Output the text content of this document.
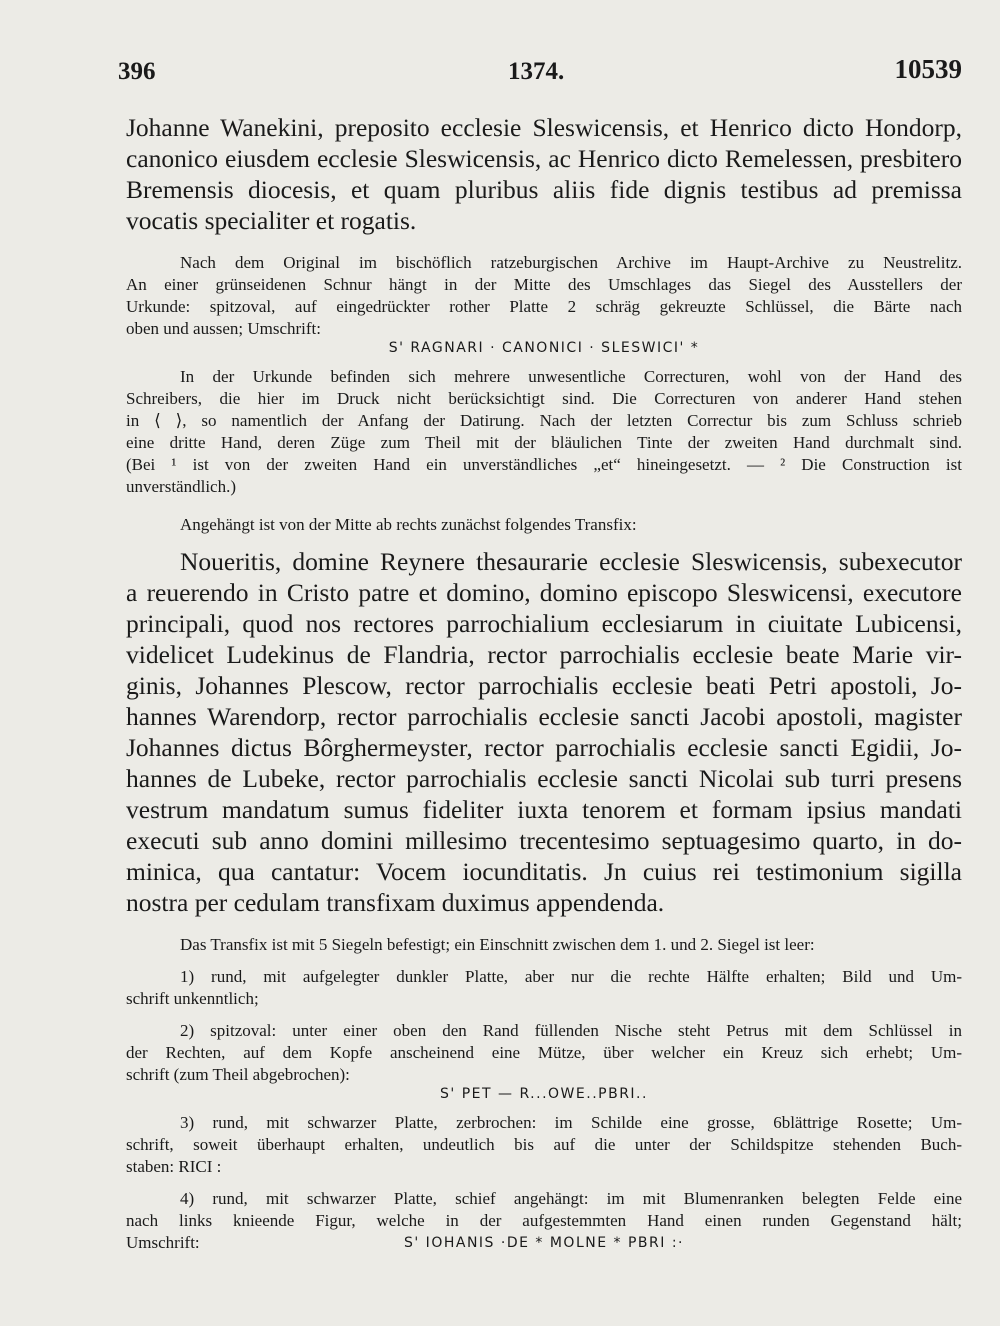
396	1374.	10539

Johanne Wanekini, preposito ecclesie Sleswicensis, et Henrico dicto Hondorp,
canonico eiusdem ecclesie Sleswicensis, ac Henrico dicto Remelessen, presbitero
Bremensis diocesis, et quam pluribus aliis fide dignis testibus ad premissa
vocatis specialiter et rogatis.

Nach dem Original im bischöflich ratzeburgischen Archive im Haupt-Archive zu Neustrelitz.
An einer grünseidenen Schnur hängt in der Mitte des Umschlages das Siegel des Ausstellers der
Urkunde: spitzoval, auf eingedrückter rother Platte 2 schräg gekreuzte Schlüssel, die Bärte nach
oben und aussen; Umschrift:

S' RAGNARI · CANONICI · SLESWICI' *

In der Urkunde befinden sich mehrere unwesentliche Correcturen, wohl von der Hand des
Schreibers, die hier im Druck nicht berücksichtigt sind. Die Correcturen von anderer Hand stehen
in ⟨ ⟩, so namentlich der Anfang der Datirung. Nach der letzten Correctur bis zum Schluss schrieb
eine dritte Hand, deren Züge zum Theil mit der bläulichen Tinte der zweiten Hand durchmalt sind.
(Bei ¹ ist von der zweiten Hand ein unverständliches „et“ hineingesetzt. — ² Die Construction ist
unverständlich.)

Angehängt ist von der Mitte ab rechts zunächst folgendes Transfix:

Noueritis, domine Reynere thesaurarie ecclesie Sleswicensis, subexecutor
a reuerendo in Cristo patre et domino, domino episcopo Sleswicensi, executore
principali, quod nos rectores parrochialium ecclesiarum in ciuitate Lubicensi,
videlicet Ludekinus de Flandria, rector parrochialis ecclesie beate Marie vir-
ginis, Johannes Plescow, rector parrochialis ecclesie beati Petri apostoli, Jo-
hannes Warendorp, rector parrochialis ecclesie sancti Jacobi apostoli, magister
Johannes dictus Bôrghermeyster, rector parrochialis ecclesie sancti Egidii, Jo-
hannes de Lubeke, rector parrochialis ecclesie sancti Nicolai sub turri presens
vestrum mandatum sumus fideliter iuxta tenorem et formam ipsius mandati
executi sub anno domini millesimo trecentesimo septuagesimo quarto, in do-
minica, qua cantatur: Vocem iocunditatis. Jn cuius rei testimonium sigilla
nostra per cedulam transfixam duximus appendenda.

Das Transfix ist mit 5 Siegeln befestigt; ein Einschnitt zwischen dem 1. und 2. Siegel ist leer:

1) rund, mit aufgelegter dunkler Platte, aber nur die rechte Hälfte erhalten; Bild und Um-
schrift unkenntlich;

2) spitzoval: unter einer oben den Rand füllenden Nische steht Petrus mit dem Schlüssel in
der Rechten, auf dem Kopfe anscheinend eine Mütze, über welcher ein Kreuz sich erhebt; Um-
schrift (zum Theil abgebrochen):

S' PET — R...OWE..PBRI..

3) rund, mit schwarzer Platte, zerbrochen: im Schilde eine grosse, 6blättrige Rosette; Um-
schrift, soweit überhaupt erhalten, undeutlich bis auf die unter der Schildspitze stehenden Buch-
staben: RICI :

4) rund, mit schwarzer Platte, schief angehängt: im mit Blumenranken belegten Felde eine
nach links knieende Figur, welche in der aufgestemmten Hand einen runden Gegenstand hält;

Umschrift:	S' IOHANIS ·DE * MOLNE * PBRI :·
